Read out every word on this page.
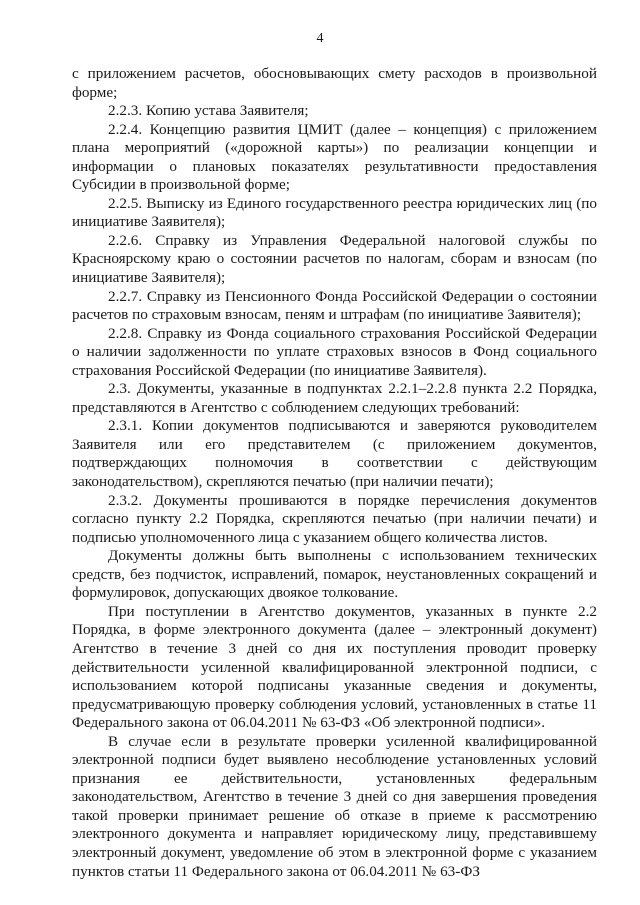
4

с приложением расчетов, обосновывающих смету расходов в произвольной форме;

2.2.3. Копию устава Заявителя;

2.2.4. Концепцию развития ЦМИТ (далее – концепция) с приложением плана мероприятий («дорожной карты») по реализации концепции и информации о плановых показателях результативности предоставления Субсидии в произвольной форме;

2.2.5. Выписку из Единого государственного реестра юридических лиц (по инициативе Заявителя);

2.2.6. Справку из Управления Федеральной налоговой службы по Красноярскому краю о состоянии расчетов по налогам, сборам и взносам (по инициативе Заявителя);

2.2.7. Справку из Пенсионного Фонда Российской Федерации о состоянии расчетов по страховым взносам, пеням и штрафам (по инициативе Заявителя);

2.2.8. Справку из Фонда социального страхования Российской Федерации о наличии задолженности по уплате страховых взносов в Фонд социального страхования Российской Федерации (по инициативе Заявителя).

2.3. Документы, указанные в подпунктах 2.2.1–2.2.8 пункта 2.2 Порядка, представляются в Агентство с соблюдением следующих требований:

2.3.1. Копии документов подписываются и заверяются руководителем Заявителя или его представителем (с приложением документов, подтверждающих полномочия в соответствии с действующим законодательством), скрепляются печатью (при наличии печати);

2.3.2. Документы прошиваются в порядке перечисления документов согласно пункту 2.2 Порядка, скрепляются печатью (при наличии печати) и подписью уполномоченного лица с указанием общего количества листов.

Документы должны быть выполнены с использованием технических средств, без подчисток, исправлений, помарок, неустановленных сокращений и формулировок, допускающих двоякое толкование.

При поступлении в Агентство документов, указанных в пункте 2.2 Порядка, в форме электронного документа (далее – электронный документ) Агентство в течение 3 дней со дня их поступления проводит проверку действительности усиленной квалифицированной электронной подписи, с использованием которой подписаны указанные сведения и документы, предусматривающую проверку соблюдения условий, установленных в статье 11 Федерального закона от 06.04.2011 № 63-ФЗ «Об электронной подписи».

В случае если в результате проверки усиленной квалифицированной электронной подписи будет выявлено несоблюдение установленных условий признания ее действительности, установленных федеральным законодательством, Агентство в течение 3 дней со дня завершения проведения такой проверки принимает решение об отказе в приеме к рассмотрению электронного документа и направляет юридическому лицу, представившему электронный документ, уведомление об этом в электронной форме с указанием пунктов статьи 11 Федерального закона от 06.04.2011 № 63-ФЗ
